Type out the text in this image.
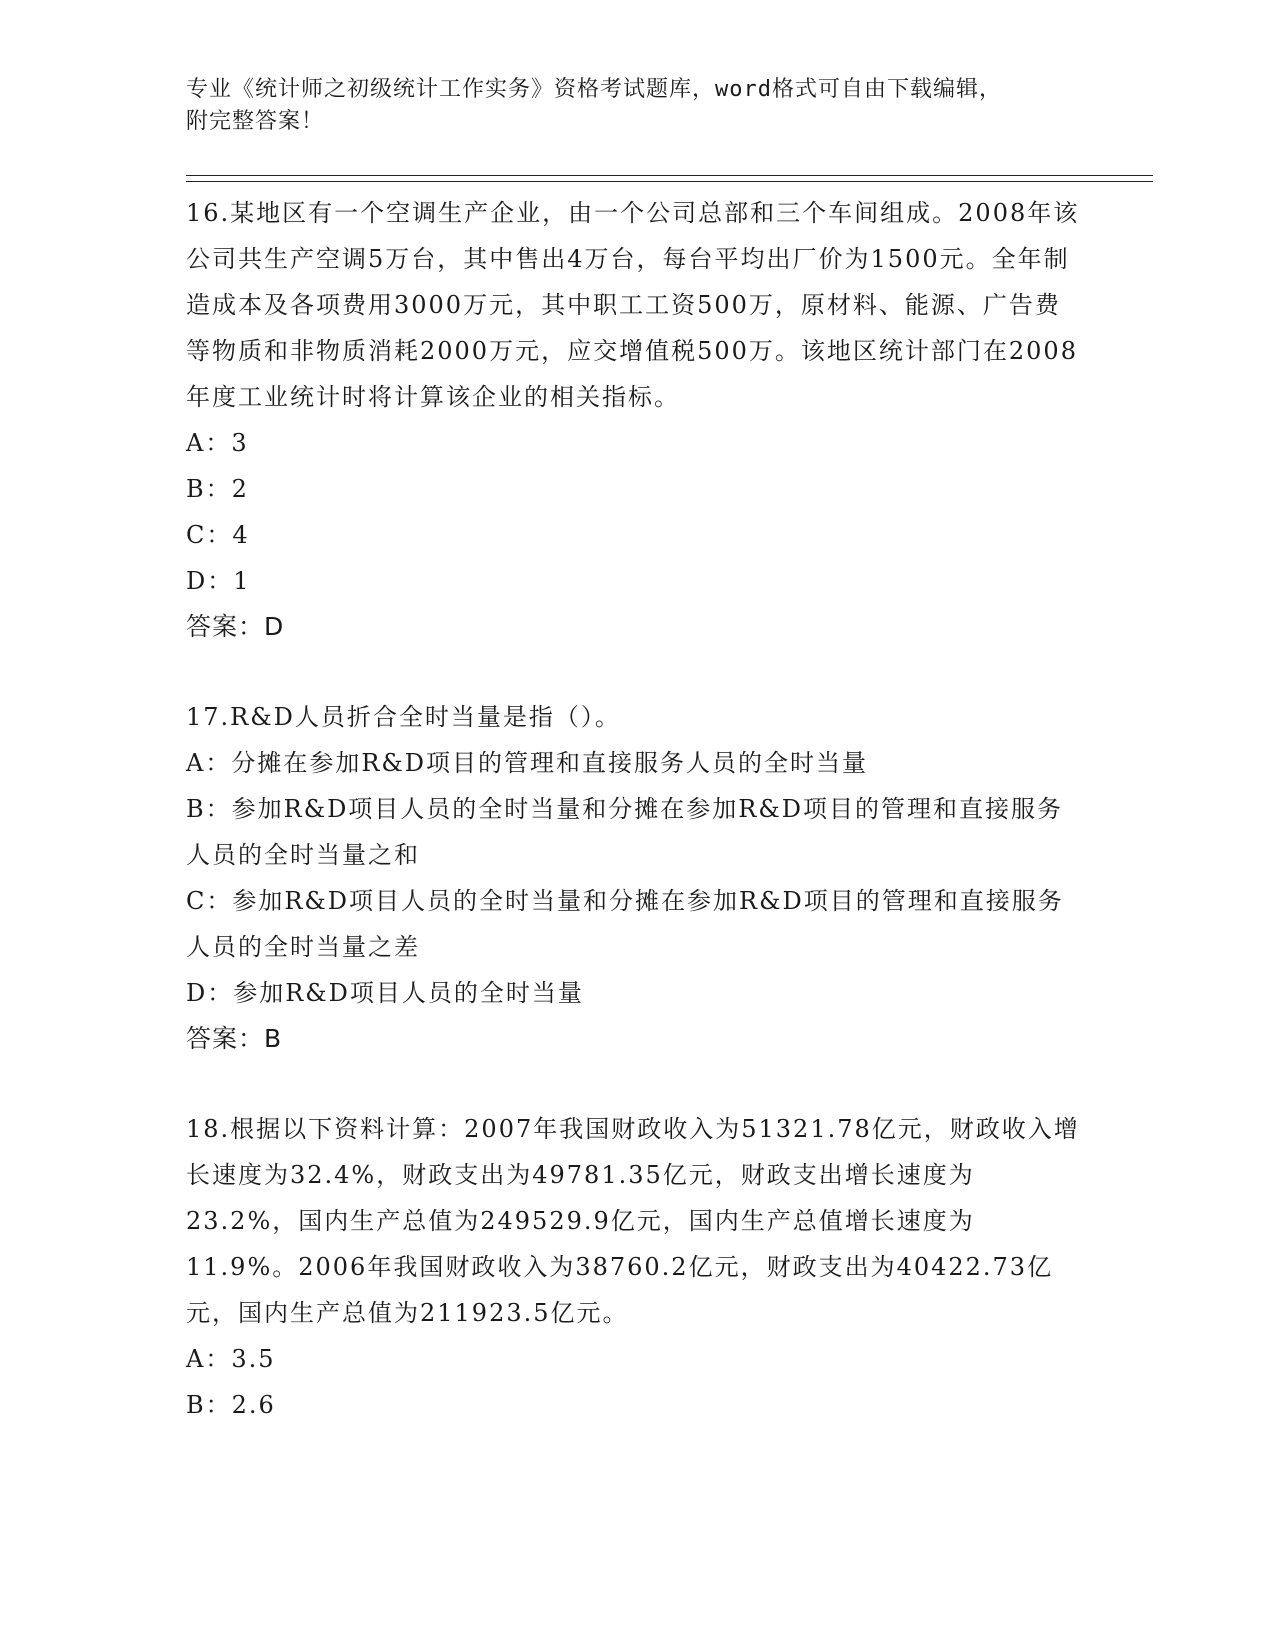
专业《统计师之初级统计工作实务》资格考试题库，word格式可自由下载编辑，
附完整答案！

16.某地区有一个空调生产企业，由一个公司总部和三个车间组成。2008年该公司共生产空调5万台，其中售出4万台，每台平均出厂价为1500元。全年制造成本及各项费用3000万元，其中职工工资500万，原材料、能源、广告费等物质和非物质消耗2000万元，应交增值税500万。该地区统计部门在2008年度工业统计时将计算该企业的相关指标。

A：3

B：2

C：4

D：1

答案：D

17.R&D人员折合全时当量是指（）。

A：分摊在参加R&D项目的管理和直接服务人员的全时当量

B：参加R&D项目人员的全时当量和分摊在参加R&D项目的管理和直接服务人员的全时当量之和

C：参加R&D项目人员的全时当量和分摊在参加R&D项目的管理和直接服务人员的全时当量之差

D：参加R&D项目人员的全时当量

答案：B

18.根据以下资料计算：2007年我国财政收入为51321.78亿元，财政收入增长速度为32.4%，财政支出为49781.35亿元，财政支出增长速度为23.2%，国内生产总值为249529.9亿元，国内生产总值增长速度为11.9%。2006年我国财政收入为38760.2亿元，财政支出为40422.73亿元，国内生产总值为211923.5亿元。

A：3.5

B：2.6
